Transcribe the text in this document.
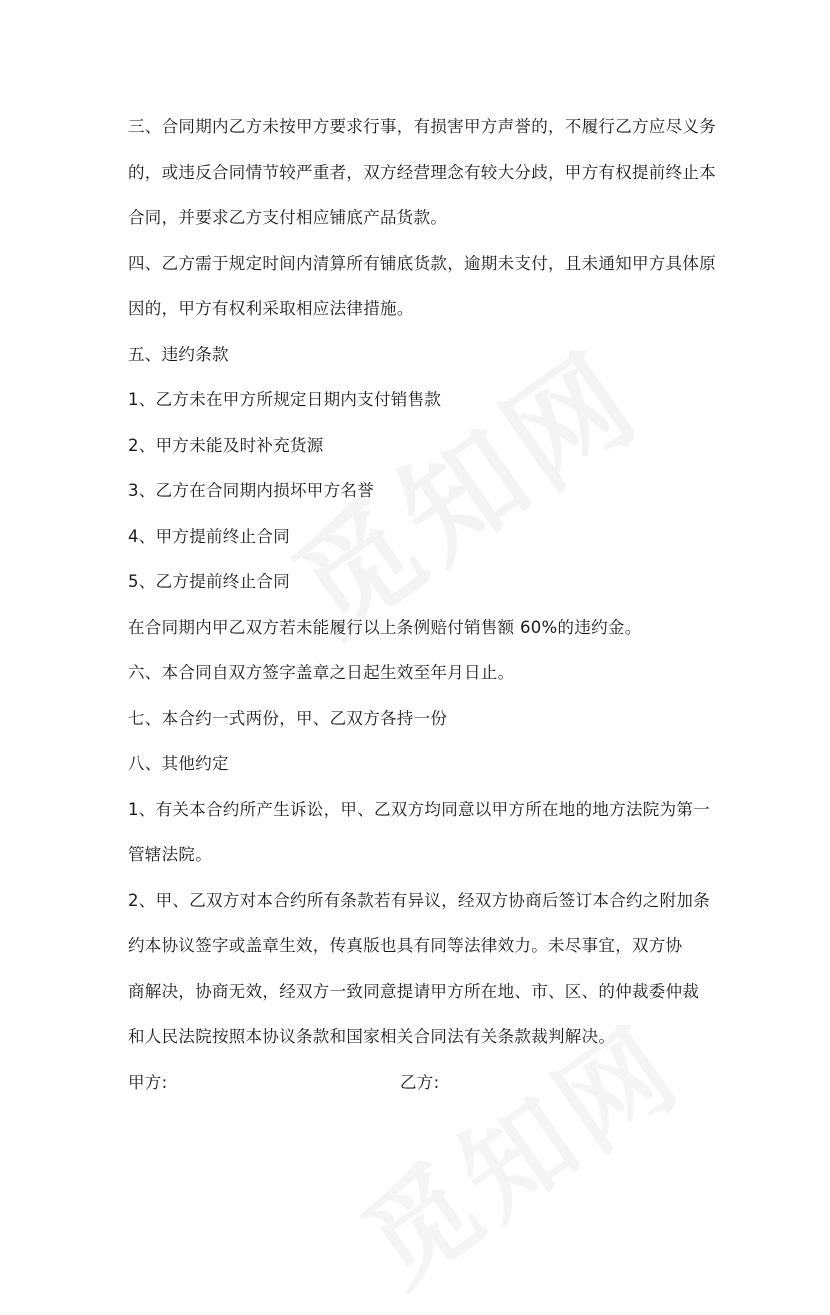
三、合同期内乙方未按甲方要求行事，有损害甲方声誉的，不履行乙方应尽义务
的，或违反合同情节较严重者，双方经营理念有较大分歧，甲方有权提前终止本
合同，并要求乙方支付相应铺底产品货款。
四、乙方需于规定时间内清算所有铺底货款，逾期未支付，且未通知甲方具体原
因的，甲方有权利采取相应法律措施。
五、违约条款
1、乙方未在甲方所规定日期内支付销售款
2、甲方未能及时补充货源
3、乙方在合同期内损坏甲方名誉
4、甲方提前终止合同
5、乙方提前终止合同
在合同期内甲乙双方若未能履行以上条例赔付销售额 60%的违约金。
六、本合同自双方签字盖章之日起生效至年月日止。
七、本合约一式两份，甲、乙双方各持一份
八、其他约定
1、有关本合约所产生诉讼，甲、乙双方均同意以甲方所在地的地方法院为第一
管辖法院。
2、甲、乙双方对本合约所有条款若有异议，经双方协商后签订本合约之附加条
约本协议签字或盖章生效，传真版也具有同等法律效力。未尽事宜，双方协
商解决，协商无效，经双方一致同意提请甲方所在地、市、区、的仲裁委仲裁
和人民法院按照本协议条款和国家相关合同法有关条款裁判解决。
甲方:	乙方:
